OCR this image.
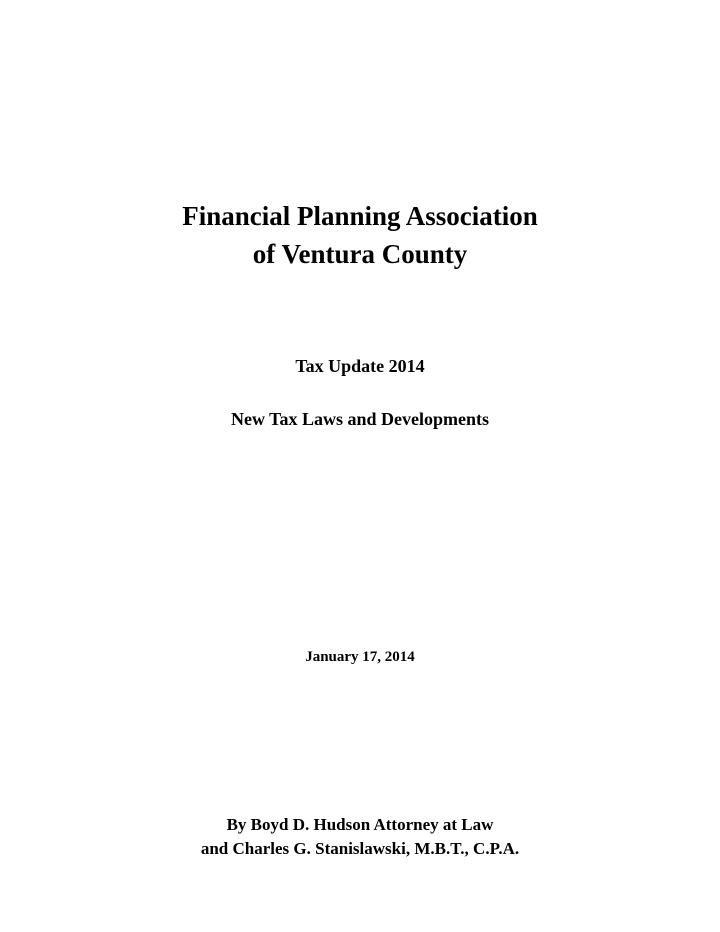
Financial Planning Association
of Ventura County
Tax Update 2014
New Tax Laws and Developments

January 17, 2014

By Boyd D. Hudson Attorney at Law

and Charles G. Stanislawski, M.B.T., C.P.A.
